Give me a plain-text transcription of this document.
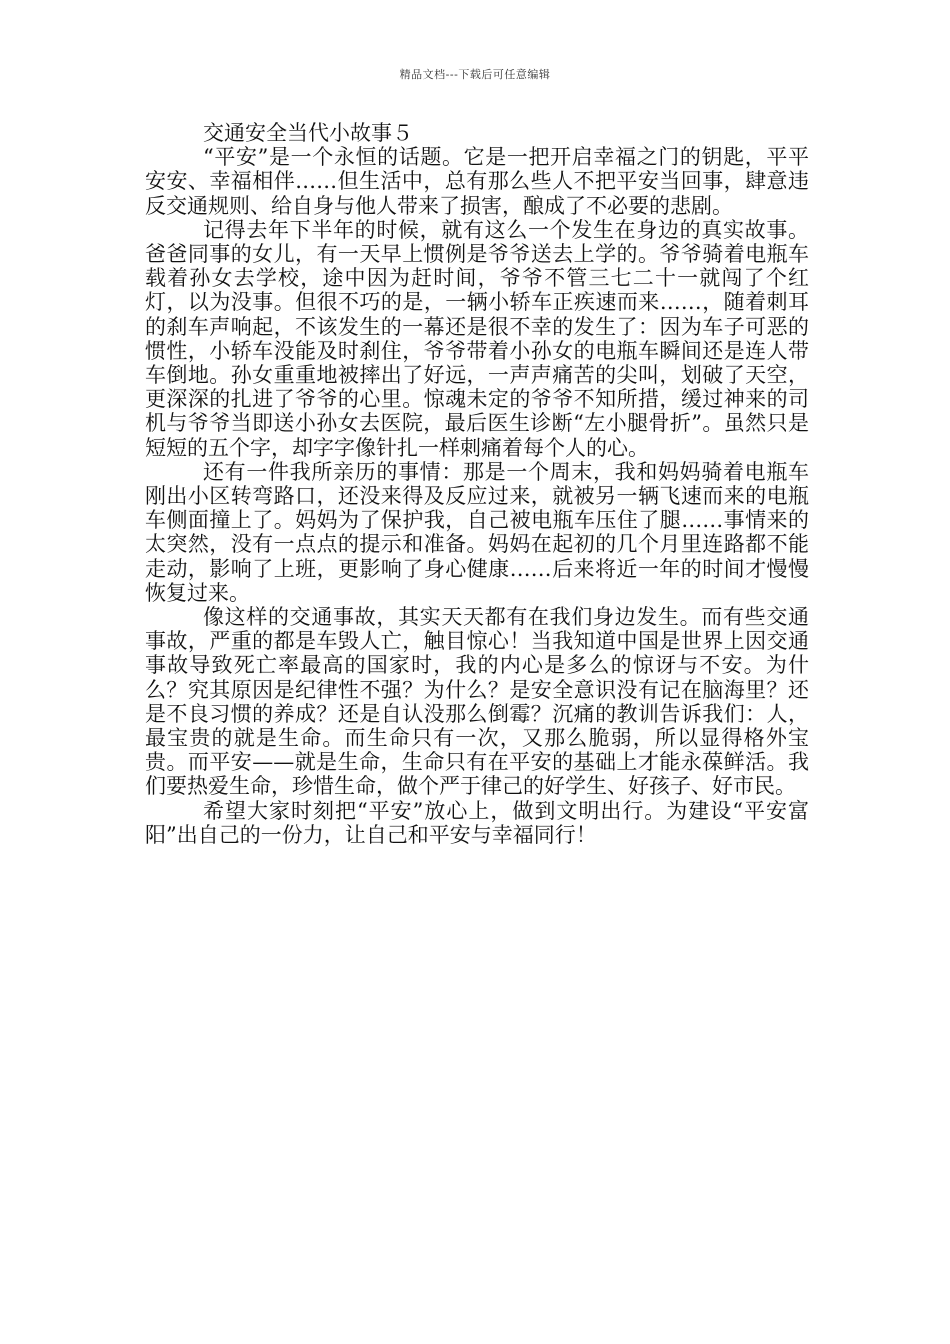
精品文档---下载后可任意编辑
交通安全当代小故事５

“平安”是一个永恒的话题。它是一把开启幸福之门的钥匙，平平安安、幸福相伴……但生活中，总有那么些人不把平安当回事，肆意违反交通规则、给自身与他人带来了损害，酿成了不必要的悲剧。

记得去年下半年的时候，就有这么一个发生在身边的真实故事。爸爸同事的女儿，有一天早上惯例是爷爷送去上学的。爷爷骑着电瓶车载着孙女去学校，途中因为赶时间，爷爷不管三七二十一就闯了个红灯，以为没事。但很不巧的是，一辆小轿车正疾速而来……，随着刺耳的刹车声响起，不该发生的一幕还是很不幸的发生了：因为车子可恶的惯性，小轿车没能及时刹住，爷爷带着小孙女的电瓶车瞬间还是连人带车倒地。孙女重重地被摔出了好远，一声声痛苦的尖叫，划破了天空，更深深的扎进了爷爷的心里。惊魂未定的爷爷不知所措，缓过神来的司机与爷爷当即送小孙女去医院，最后医生诊断“左小腿骨折”。虽然只是短短的五个字，却字字像针扎一样刺痛着每个人的心。

还有一件我所亲历的事情：那是一个周末，我和妈妈骑着电瓶车刚出小区转弯路口，还没来得及反应过来，就被另一辆飞速而来的电瓶车侧面撞上了。妈妈为了保护我，自己被电瓶车压住了腿……事情来的太突然，没有一点点的提示和准备。妈妈在起初的几个月里连路都不能走动，影响了上班，更影响了身心健康……后来将近一年的时间才慢慢恢复过来。

像这样的交通事故，其实天天都有在我们身边发生。而有些交通事故，严重的都是车毁人亡，触目惊心！当我知道中国是世界上因交通事故导致死亡率最高的国家时，我的内心是多么的惊讶与不安。为什么？究其原因是纪律性不强？为什么？是安全意识没有记在脑海里？还是不良习惯的养成？还是自认没那么倒霉？沉痛的教训告诉我们：人，最宝贵的就是生命。而生命只有一次，又那么脆弱，所以显得格外宝贵。而平安——就是生命，生命只有在平安的基础上才能永葆鲜活。我们要热爱生命，珍惜生命，做个严于律己的好学生、好孩子、好市民。

希望大家时刻把“平安”放心上，做到文明出行。为建设“平安富阳”出自己的一份力，让自己和平安与幸福同行！
